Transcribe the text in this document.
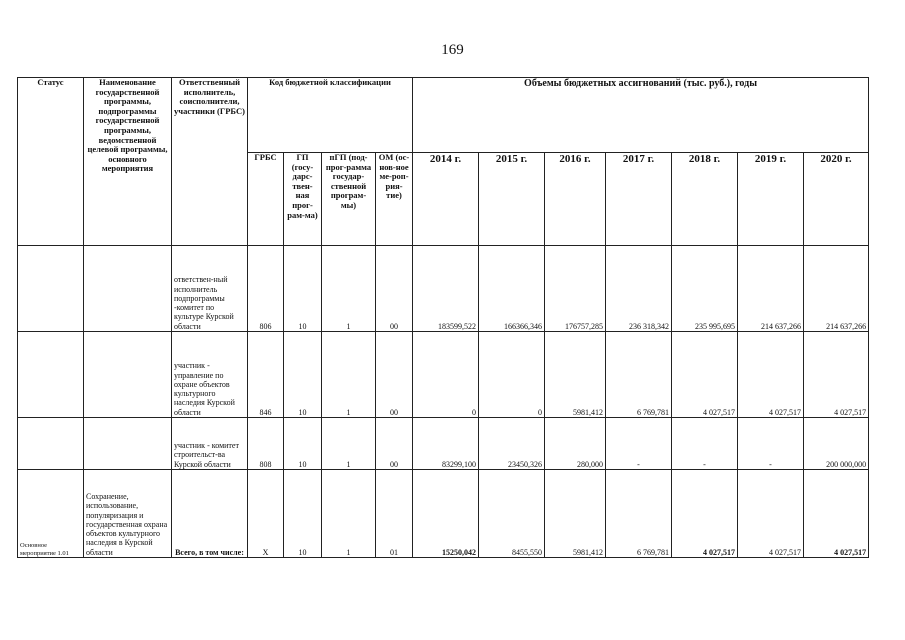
169
Статус	Наименование государственной программы, подпрограммы государственной программы, ведомственной целевой программы, основного мероприятия	Ответственный исполнитель, соисполнители, участники (ГРБС)	Код бюджетной классификации				Объемы бюджетных ассигнований (тыс. руб.), годы						
			ГРБС	ГП (госу-дарс-твен-ная прог-рам-ма)	пГП (под-прог-рамма государ-ственной програм-мы)	ОМ (ос-нов-ное ме-роп-рия-тие)	2014 г.	2015 г.	2016 г.	2017 г.	2018 г.	2019 г.	2020 г.
		ответствен-ный исполнитель подпрограммы -комитет по культуре Курской области	806	10	1	00	183599,522	166366,346	176757,285	236 318,342	235 995,695	214 637,266	214 637,266
		участник - управление по охране объектов культурного наследия Курской области	846	10	1	00	0	0	5981,412	6 769,781	4 027,517	4 027,517	4 027,517
		участник - комитет строительст-ва Курской области	808	10	1	00	83299,100	23450,326	280,000	-	-	-	200 000,000
Основное мероприятие 1.01	Сохранение, использование, популяризация и государственная охрана объектов культурного наследия в Курской области	Всего, в том числе:	X	10	1	01	15250,042	8455,550	5981,412	6 769,781	4 027,517	4 027,517	4 027,517
